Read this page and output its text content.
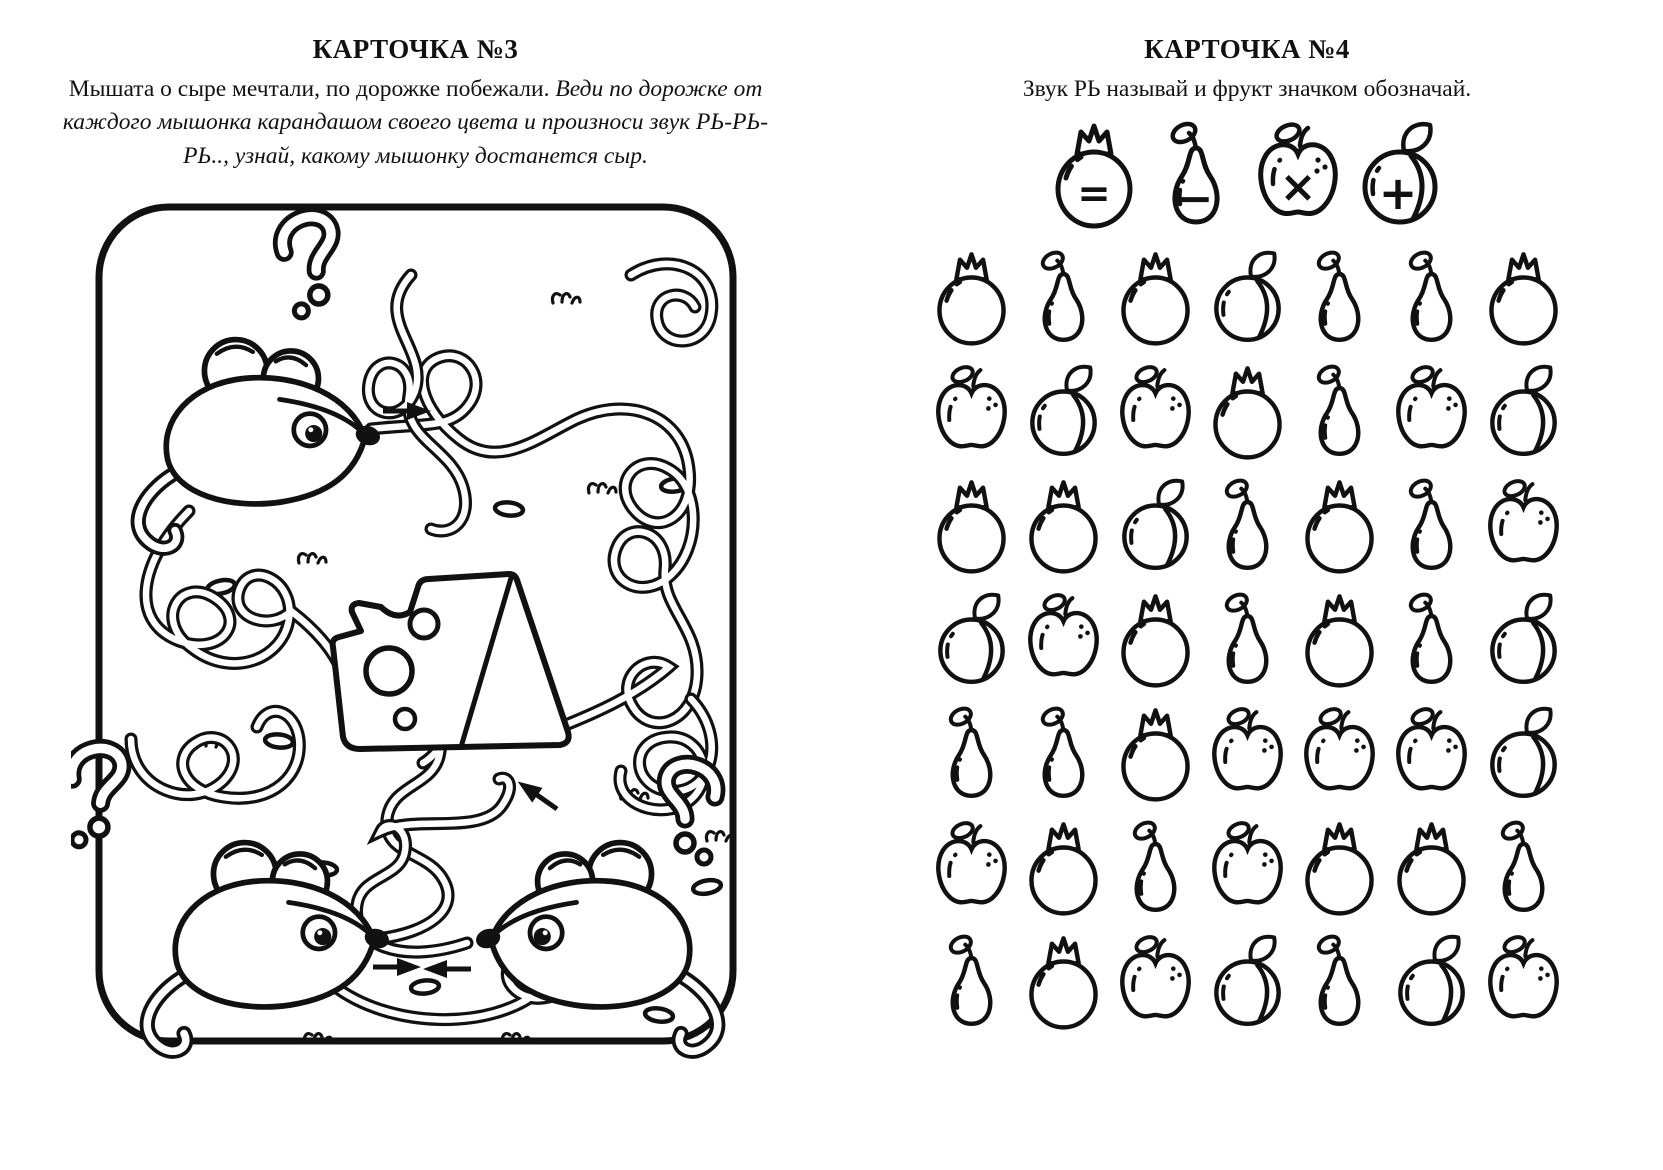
КАРТОЧКА №3
Мышата о сыре мечтали, по дорожке побежали. Веди по дорожке от каждого мышонка карандашом своего цвета и произноси звук РЬ-РЬ-РЬ.., узнай, какому мышонку достанется сыр.
КАРТОЧКА №4
Звук РЬ называй и фрукт значком обозначай.
= − × +
